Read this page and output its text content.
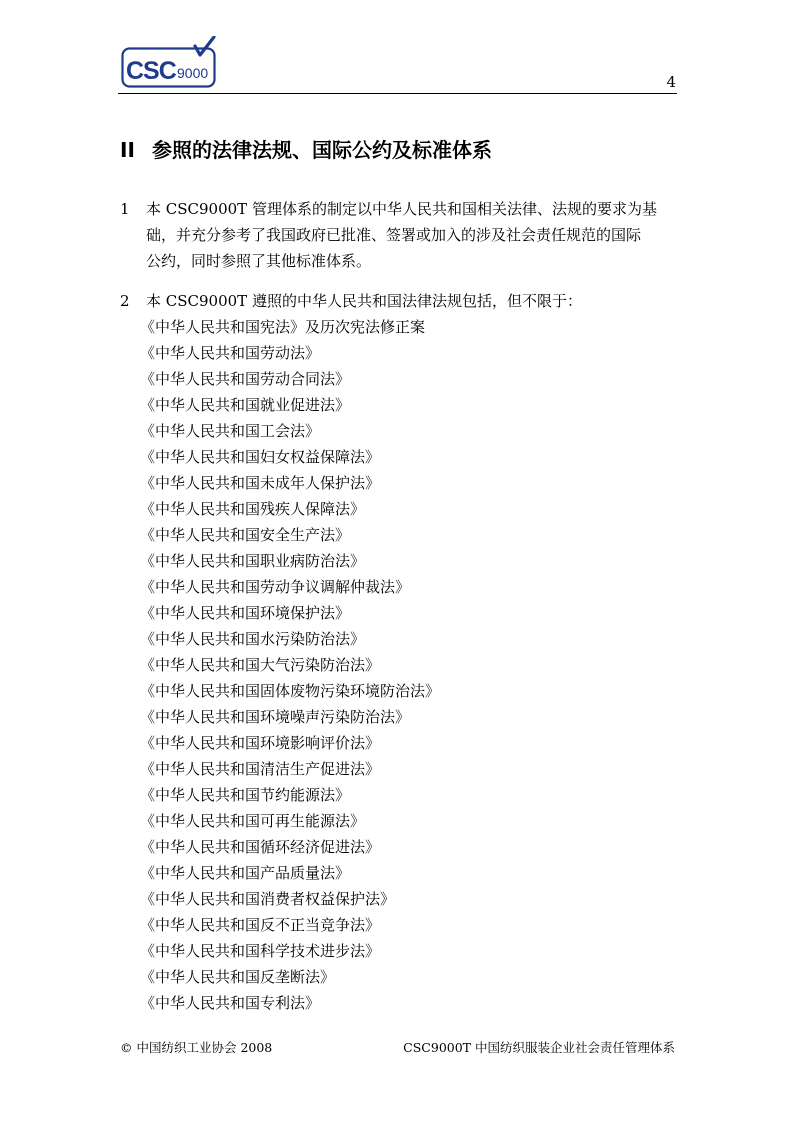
CSC 9000	4
II 参照的法律法规、国际公约及标准体系
1 本 CSC9000T 管理体系的制定以中华人民共和国相关法律、法规的要求为基
础，并充分参考了我国政府已批准、签署或加入的涉及社会责任规范的国际
公约，同时参照了其他标准体系。
2 本 CSC9000T 遵照的中华人民共和国法律法规包括，但不限于：
《中华人民共和国宪法》及历次宪法修正案
《中华人民共和国劳动法》
《中华人民共和国劳动合同法》
《中华人民共和国就业促进法》
《中华人民共和国工会法》
《中华人民共和国妇女权益保障法》
《中华人民共和国未成年人保护法》
《中华人民共和国残疾人保障法》
《中华人民共和国安全生产法》
《中华人民共和国职业病防治法》
《中华人民共和国劳动争议调解仲裁法》
《中华人民共和国环境保护法》
《中华人民共和国水污染防治法》
《中华人民共和国大气污染防治法》
《中华人民共和国固体废物污染环境防治法》
《中华人民共和国环境噪声污染防治法》
《中华人民共和国环境影响评价法》
《中华人民共和国清洁生产促进法》
《中华人民共和国节约能源法》
《中华人民共和国可再生能源法》
《中华人民共和国循环经济促进法》
《中华人民共和国产品质量法》
《中华人民共和国消费者权益保护法》
《中华人民共和国反不正当竞争法》
《中华人民共和国科学技术进步法》
《中华人民共和国反垄断法》
《中华人民共和国专利法》
© 中国纺织工业协会 2008	CSC9000T 中国纺织服装企业社会责任管理体系
